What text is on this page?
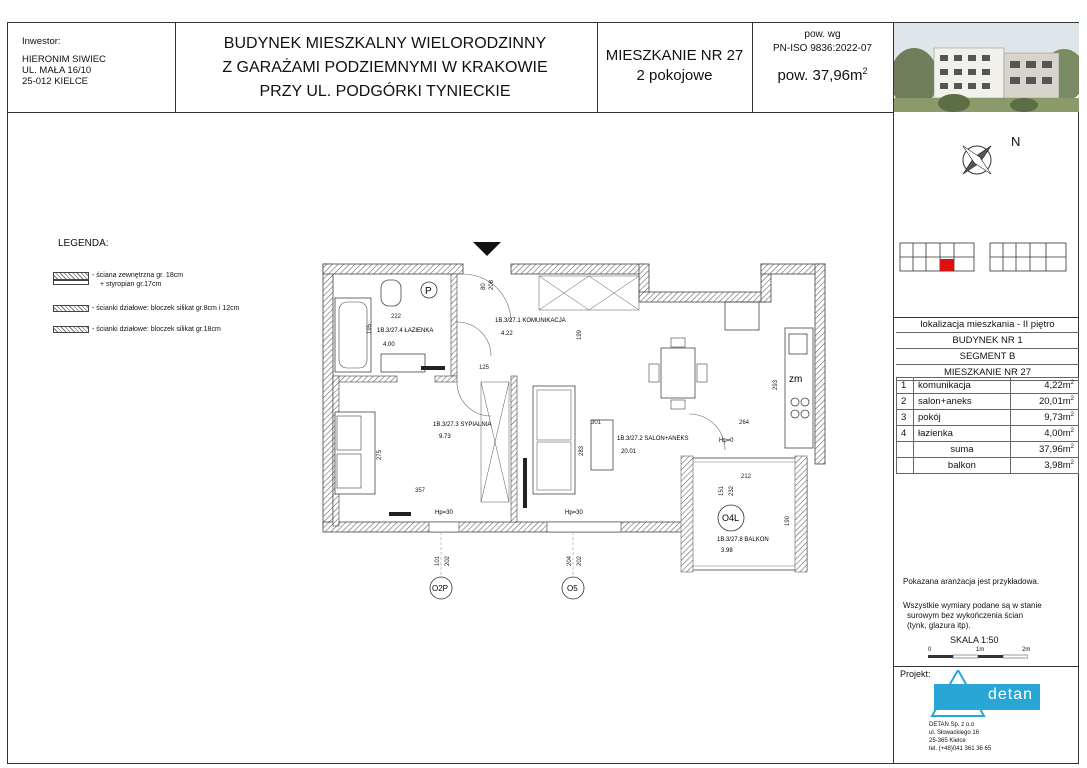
Inwestor:
HIERONIM SIWIEC
UL. MAŁA 16/10
25-012 KIELCE
BUDYNEK MIESZKALNY WIELORODZINNY
Z GARAŻAMI PODZIEMNYMI W KRAKOWIE
PRZY UL. PODGÓRKI TYNIECKIE
MIESZKANIE NR 27
2 pokojowe
pow. wg
PN-ISO 9836:2022-07
pow. $37,96m^2$
N
lokalizacja mieszkania - II piętro
BUDYNEK NR 1
SEGMENT B
MIESZKANIE NR 27
1	komunikacja	$4,22m^2$
2	salon+aneks	$20,01m^2$
3	pokój	$9,73m^2$
4	łazienka	$4,00m^2$
	suma	$37,96m^2$
	balkon	$3,98m^2$
Pokazana aranżacja jest przykładowa.
Wszystkie wymiary podane są w stanie
surowym bez wykończenia ścian
(tynk, glazura itp).
SKALA 1:50
0	1m	2m
Projekt:
detan
DETAN Sp. z o.o
ul. Słowackiego 16
25-365 Kielce
tel. (+48)041 361 36 65
LEGENDA:
- ściana zewnętrzna gr. 18cm
+ styropian gr.17cm
- ścianki działowe: bloczek silikat gr.8cm i 12cm
- ścianki działowe: bloczek silikat gr.18cm
P
1B.3/27.4 ŁAZIENKA
4.00
1B.3/27.1 KOMUNIKACJA
4.22
1B.3/27.3 SYPIALNIA
9.73	1B.3/27.2 SALON+ANEKS
20.01
1B.3/27.8 BALKON
3.98
Hp=30	Hp=30
Hp=0
O4L
zm
O2P	O5
222
195
199
125
275
357
283
301	264
293
212
190
151 232
101 202	204 202
80 208
